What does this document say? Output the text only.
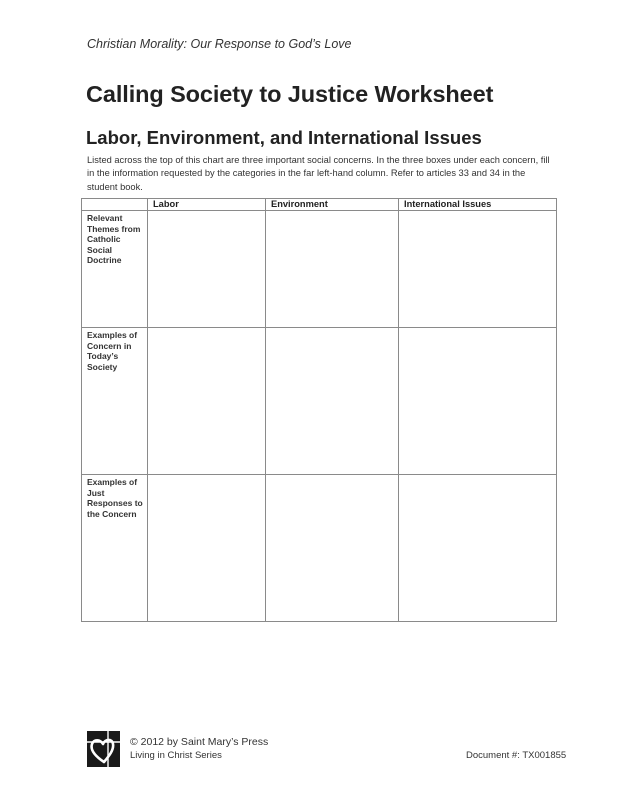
Christian Morality: Our Response to God’s Love
Calling Society to Justice Worksheet
Labor, Environment, and International Issues

Listed across the top of this chart are three important social concerns. In the three boxes under each concern, fill in the information requested by the categories in the far left-hand column. Refer to articles 33 and 34 in the student book.

	Labor	Environment	International Issues
Relevant Themes from Catholic Social Doctrine			
Examples of Concern in Today’s Society			
Examples of Just Responses to the Concern			
© 2012 by Saint Mary’s Press
Living in Christ Series	Document #: TX001855
